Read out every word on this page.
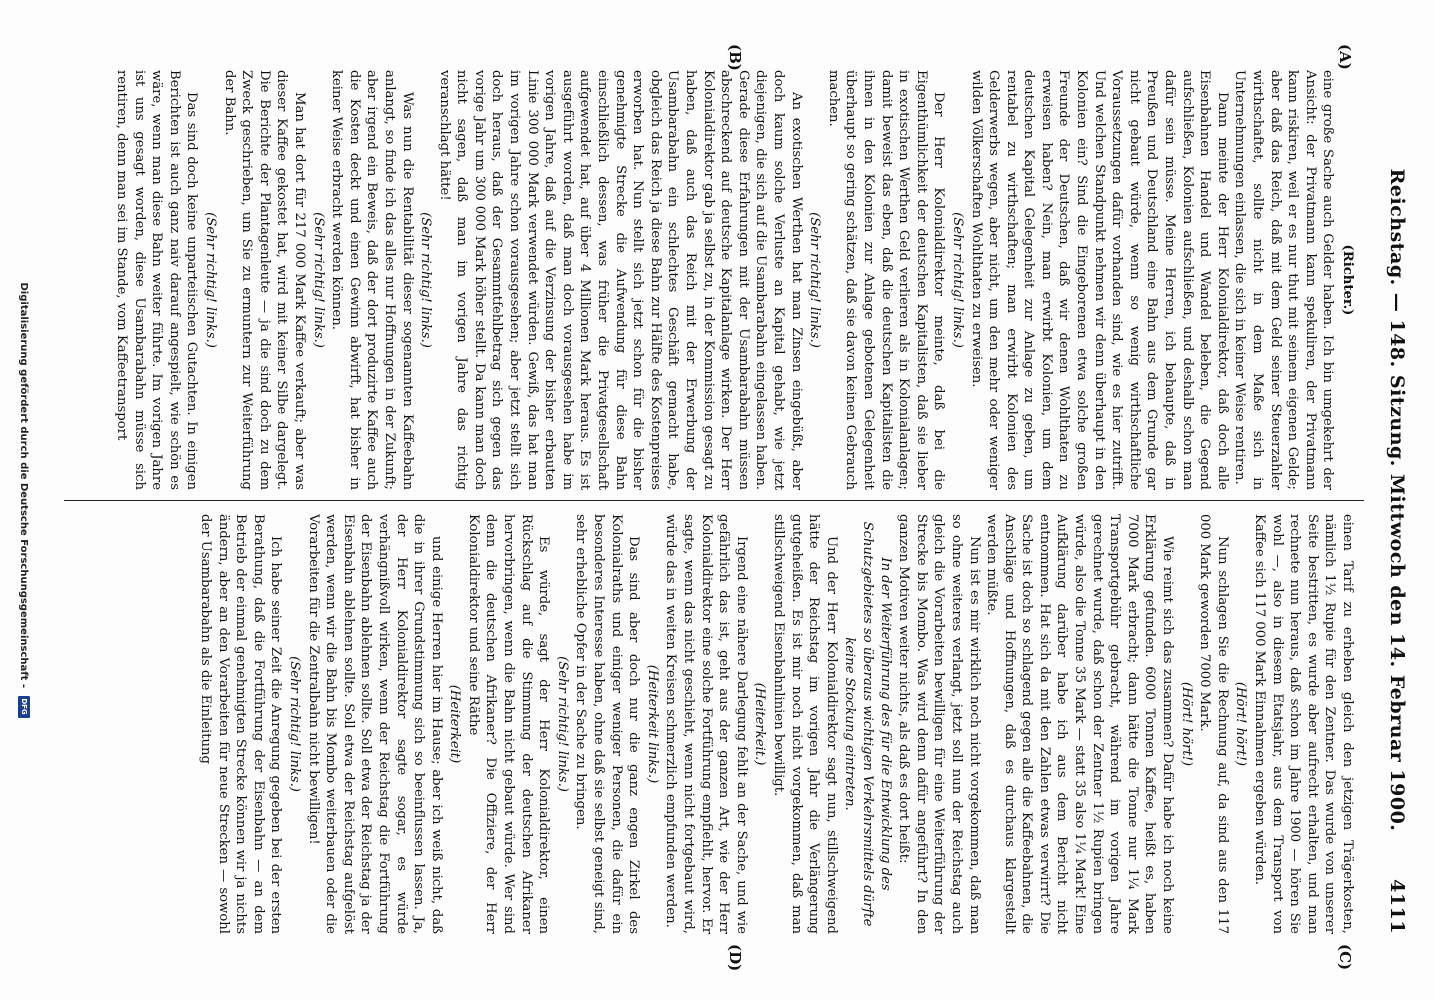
Reichstag. — 148. Sitzung. Mittwoch den 14. Februar 1900.
4111
(A)
(B)
(C)
(D)

(Richter.)

eine große Sache auch Gelder haben. Ich bin umgekehrt der Ansicht: der Privatmann kann spekuliren, der Privatmann kann riskiren, weil er es nur thut mit seinem eigenen Gelde; aber daß das Reich, daß mit dem Geld seiner Steuerzahler wirthschaftet, sollte nicht in dem Maße sich in Unternehmungen einlassen, die sich in keiner Weise rentiren.

Dann meinte der Herr Kolonialdirektor, daß doch alle Eisenbahnen Handel und Wandel beleben, die Gegend aufschließen, Kolonien aufschließen, und deshalb schon man dafür sein müsse. Meine Herren, ich behaupte, daß in Preußen und Deutschland eine Bahn aus dem Grunde gar nicht gebaut würde, wenn so wenig wirthschaftliche Voraussetzungen dafür vorhanden sind, wie es hier zutrifft. Und welchen Standpunkt nehmen wir denn überhaupt in den Kolonien ein? Sind die Eingeborenen etwa solche großen Freunde der Deutschen, daß wir denen Wohlthaten zu erweisen haben? Nein, man erwirbt Kolonien, um dem deutschen Kapital Gelegenheit zur Anlage zu geben, um rentabel zu wirthschaften; man erwirbt Kolonien des Gelderwerbs wegen, aber nicht, um den mehr oder weniger wilden Völkerschaften Wohlthaten zu erweisen.

(Sehr richtig! links.)

Der Herr Kolonialdirektor meinte, daß bei die Eigenthümlichkeit der deutschen Kapitalisten, daß sie lieber in exotischen Werthen Geld verlieren als in Kolonialanlagen; damit beweist das eben, daß die deutschen Kapitalisten die ihnen in den Kolonien zur Anlage gebotenen Gelegenheit überhaupt so gering schätzen, daß sie davon keinen Gebrauch machen.

(Sehr richtig! links.)

An exotischen Werthen hat man Zinsen eingebüßt, aber doch kaum solche Verluste an Kapital gehabt, wie jetzt diejenigen, die sich auf die Usambarabahn eingelassen haben. Gerade diese Erfahrungen mit der Usambarabahn müssen abschreckend auf deutsche Kapitalanlage wirken. Der Herr Kolonialdirektor gab ja selbst zu, in der Kommission gesagt zu haben, daß auch das Reich mit der Erwerbung der Usambarabahn ein schlechtes Geschäft gemacht habe, obgleich das Reich ja diese Bahn zur Hälfte des Kostenpreises erworben hat. Nun stellt sich jetzt schon für die bisher genehmigte Strecke die Aufwendung für diese Bahn einschließlich dessen, was früher die Privatgesellschaft aufgewendet hat, auf über 4 Millionen Mark heraus. Es ist ausgeführt worden, daß man doch vorausgesehen habe im vorigen Jahre, daß auf die Verzinsung der bisher erbauten Linie 300 000 Mark verwendet würden. Gewiß, das hat man im vorigen Jahre schon vorausgesehen; aber jetzt stellt sich doch heraus, daß der Gesammtfehlbetrag sich gegen das vorige Jahr um 300 000 Mark höher stellt. Da kann man doch nicht sagen, daß man im vorigen Jahre das richtig veranschlagt hätte!

(Sehr richtig! links.)

Was nun die Rentabilität dieser sogenannten Kaffeebahn anlangt, so finde ich das alles nur Hoffnungen in der Zukunft; aber irgend ein Beweis, daß der dort produzirte Kaffee auch die Kosten deckt und einen Gewinn abwirft, hat bisher in keiner Weise erbracht werden können.

(Sehr richtig! links.)

Man hat dort für 217 000 Mark Kaffee verkauft; aber was dieser Kaffee gekostet hat, wird mit keiner Silbe dargelegt. Die Berichte der Plantagenleute — ja die sind doch zu dem Zweck geschrieben, um Sie zu ermuntern zur Weiterführung der Bahn.

(Sehr richtig! links.)

Das sind doch keine unparteiischen Gutachten. In einigen Berichten ist auch ganz naiv darauf angespielt, wie schön es wäre, wenn man diese Bahn weiter führte. Im vorigen Jahre ist uns gesagt worden, diese Usambarabahn müsse sich rentiren, denn man sei im Stande, vom Kaffeetransport

einen Tarif zu erheben gleich den jetzigen Trägerkosten, nämlich 1½ Rupie für den Zentner. Das wurde von unserer Seite bestritten, es wurde aber aufrecht erhalten, und man rechnete nun heraus, daß schon im Jahre 1900 — hören Sie wohl —, also in diesem Etatsjahr, aus dem Transport von Kaffee sich 117 000 Mark Einnahmen ergeben würden.

(Hört! hört!)

Nun schlagen Sie die Rechnung auf, da sind aus den 117 000 Mark geworden 7000 Mark.

(Hört! hört!)

Wie reimt sich das zusammen? Dafür habe ich noch keine Erklärung gefunden. 6000 Tonnen Kaffee, heißt es, haben 7000 Mark erbracht; dann hätte die Tonne nur 1¼ Mark Transportgebühr gebracht, während im vorigen Jahre gerechnet wurde, daß schon der Zentner 1½ Rupien bringen würde, also die Tonne 35 Mark — statt 35 also 1¼ Mark! Eine Aufklärung darüber habe ich aus dem Bericht nicht entnommen. Hat sich da mit den Zahlen etwas verwirrt? Die Sache ist doch so schlagend gegen alle die Kaffeebahnen, die Anschläge und Hoffnungen, daß es durchaus klargestellt werden müßte.

Nun ist es mir wirklich noch nicht vorgekommen, daß man so ohne weiteres verlangt, jetzt soll nun der Reichstag auch gleich die Vorarbeiten bewilligen für eine Weiterführung der Strecke bis Mombo. Was wird denn dafür angeführt? In den ganzen Motiven weiter nichts, als daß es dort heißt:

In der Weiterführung des für die Entwicklung des Schutzgebietes so überaus wichtigen Verkehrsmittels dürfte keine Stockung eintreten.

Und der Herr Kolonialdirektor sagt nun, stillschweigend hätte der Reichstag im vorigen Jahr die Verlängerung gutgeheißen. Es ist mir noch nicht vorgekommen, daß man stillschweigend Eisenbahnlinien bewilligt.

(Heiterkeit.)

Irgend eine nähere Darlegung fehlt an der Sache, und wie gefährlich das ist, geht aus der ganzen Art, wie der Herr Kolonialdirektor eine solche Fortführung empfiehlt, hervor. Er sagte, wenn das nicht geschieht, wenn nicht fortgebaut wird, würde das in weiten Kreisen schmerzlich empfunden werden.

(Heiterkeit links.)

Das sind aber doch nur die ganz engen Zirkel des Kolonialraths und einiger weniger Personen, die dafür ein besonderes Interesse haben, ohne daß sie selbst geneigt sind, sehr erhebliche Opfer in der Sache zu bringen.

(Sehr richtig! links.)

Es würde, sagt der Herr Kolonialdirektor, einen Rückschlag auf die Stimmung der deutschen Afrikaner hervorbringen, wenn die Bahn nicht gebaut würde. Wer sind denn die deutschen Afrikaner? Die Offiziere, der Herr Kolonialdirektor und seine Räthe

(Heiterkeit)

und einige Herren hier im Hause; aber ich weiß nicht, daß die in ihrer Grundstimmung sich so beeinflussen lassen. Ja, der Herr Kolonialdirektor sagte sogar, es würde verhängnißvoll wirken, wenn der Reichstag die Fortführung der Eisenbahn ablehnen sollte. Soll etwa der Reichstag ja der Eisenbahn ablehnen sollte. Soll etwa der Reichstag aufgelöst werden, wenn wir die Bahn bis Mombo weiterbauen oder die Vorarbeiten für die Zentralbahn nicht bewilligen!

(Sehr richtig! links.)

Ich habe seiner Zeit die Anregung gegeben bei der ersten Berathung, daß die Fortführung der Eisenbahn — an dem Betrieb der einmal genehmigten Strecke können wir ja nichts ändern, aber an den Vorarbeiten für neue Strecken — sowohl der Usambarabahn als die Einleitung

Digitalisierung gefördert durch die Deutsche Forschungsgemeinschaft - DFG
